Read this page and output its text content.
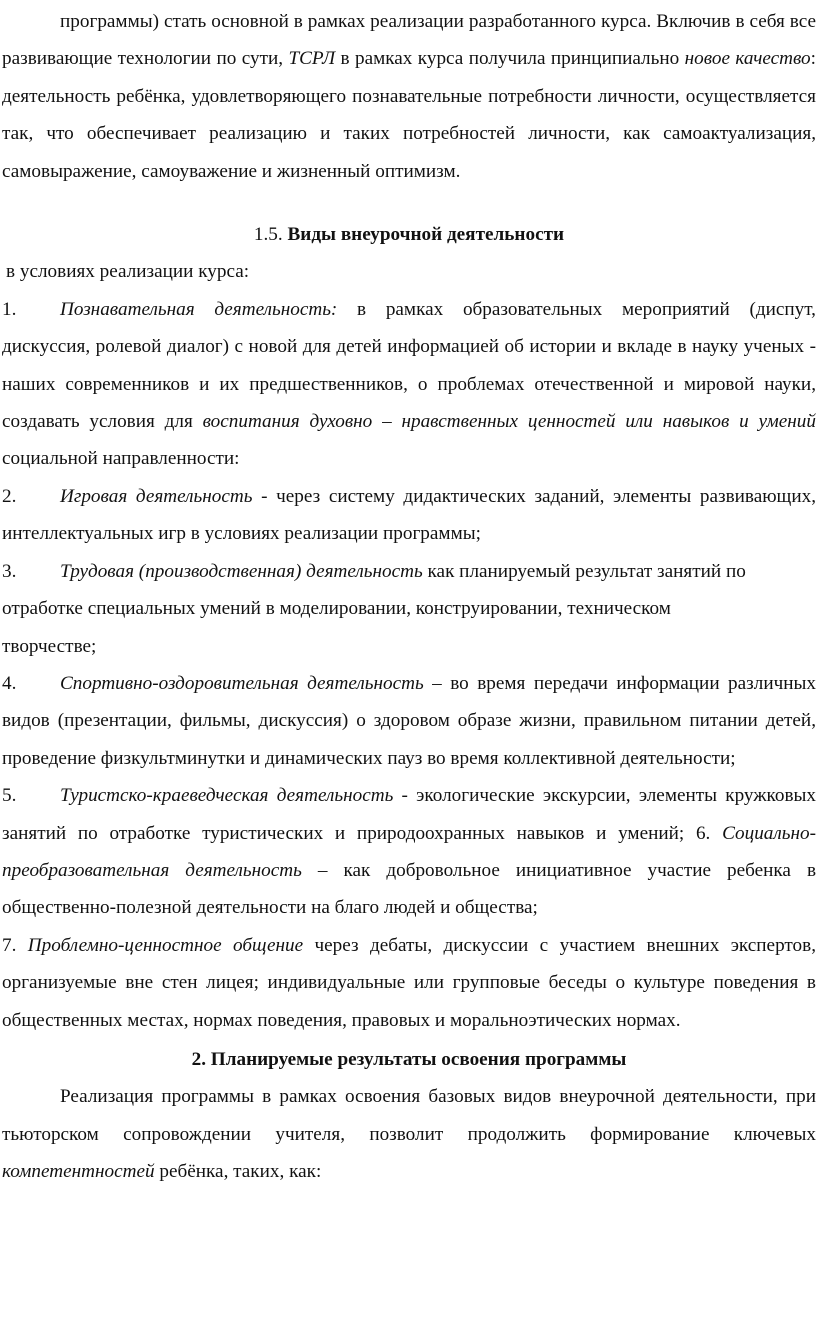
программы) стать основной в рамках реализации разработанного курса. Включив в себя все развивающие технологии по сути, ТСРЛ в рамках курса получила принципиально новое качество: деятельность ребёнка, удовлетворяющего познавательные потребности личности, осуществляется так, что обеспечивает реализацию и таких потребностей личности, как самоактуализация, самовыражение, самоуважение и жизненный оптимизм.

1.5. Виды внеурочной деятельности

в условиях реализации курса:

1. Познавательная деятельность: в рамках образовательных мероприятий (диспут, дискуссия, ролевой диалог) с новой для детей информацией об истории и вкладе в науку ученых - наших современников и их предшественников, о проблемах отечественной и мировой науки, создавать условия для воспитания духовно – нравственных ценностей или навыков и умений социальной направленности:

2. Игровая деятельность - через систему дидактических заданий, элементы развивающих, интеллектуальных игр в условиях реализации программы;

3. Трудовая (производственная) деятельность как планируемый результат занятий по
отработке специальных умений в моделировании, конструировании, техническом
творчестве;

4. Спортивно-оздоровительная деятельность – во время передачи информации различных видов (презентации, фильмы, дискуссия) о здоровом образе жизни, правильном питании детей, проведение физкультминутки и динамических пауз во время коллективной деятельности;

5. Туристско-краеведческая деятельность - экологические экскурсии, элементы кружковых занятий по отработке туристических и природоохранных навыков и умений; 6. Социально-преобразовательная деятельность – как добровольное инициативное участие ребенка в общественно-полезной деятельности на благо людей и общества;

7. Проблемно-ценностное общение через дебаты, дискуссии с участием внешних экспертов, организуемые вне стен лицея; индивидуальные или групповые беседы о культуре поведения в общественных местах, нормах поведения, правовых и моральноэтических нормах.

2. Планируемые результаты освоения программы

Реализация программы в рамках освоения базовых видов внеурочной деятельности, при тьюторском сопровождении учителя, позволит продолжить формирование ключевых компетентностей ребёнка, таких, как:
